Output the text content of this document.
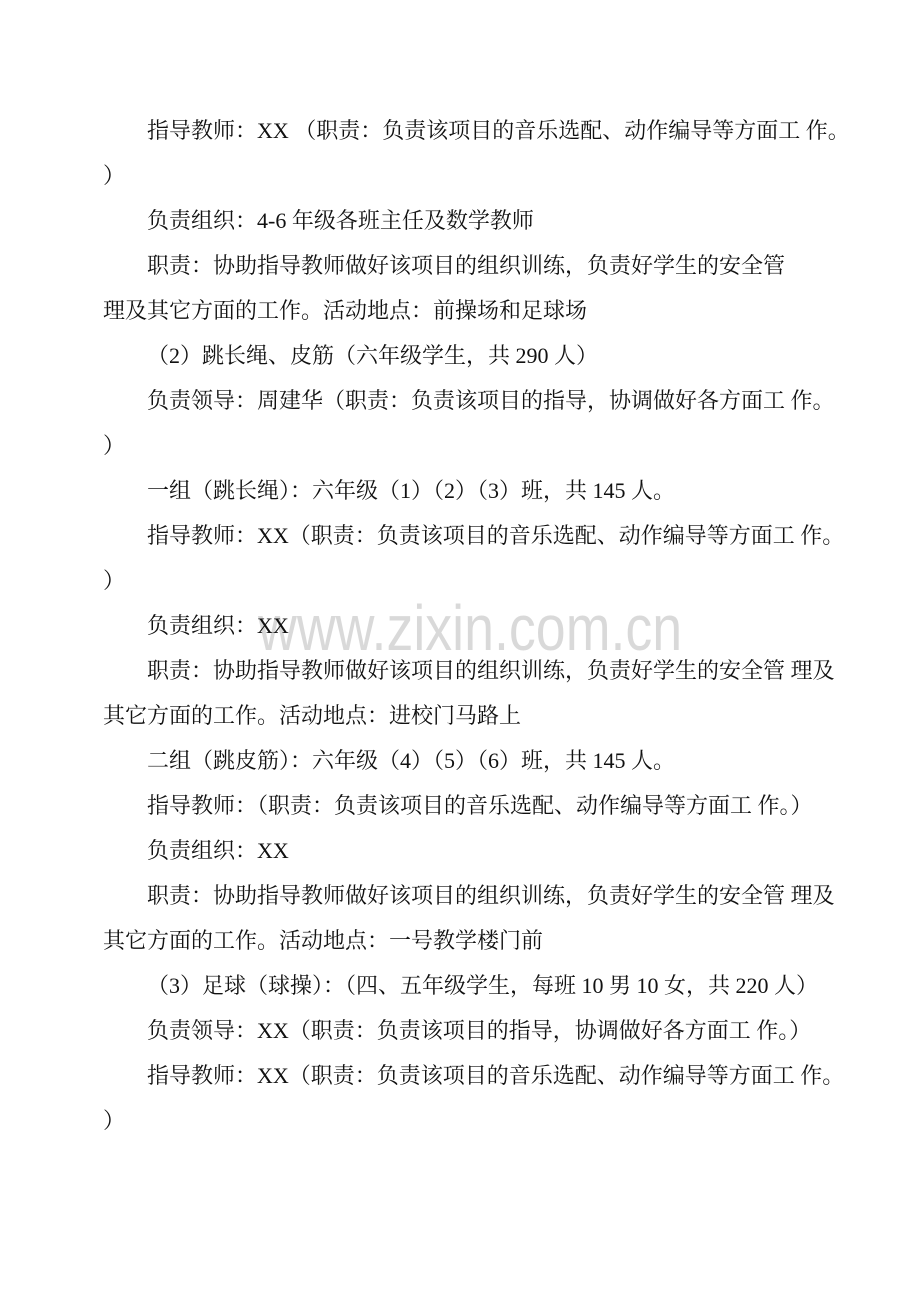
www.zixin.com.cn
指导教师：XX （职责：负责该项目的音乐选配、动作编导等方面工 作。
）
负责组织：4-6 年级各班主任及数学教师
职责：协助指导教师做好该项目的组织训练，负责好学生的安全管
理及其它方面的工作。活动地点：前操场和足球场
（2）跳长绳、皮筋（六年级学生，共 290 人）
负责领导：周建华（职责：负责该项目的指导，协调做好各方面工 作。
）
一组（跳长绳）：六年级（1）（2）（3）班，共 145 人。
指导教师：XX（职责：负责该项目的音乐选配、动作编导等方面工 作。
）
负责组织：XX
职责：协助指导教师做好该项目的组织训练，负责好学生的安全管 理及
其它方面的工作。活动地点：进校门马路上
二组（跳皮筋）：六年级（4）（5）（6）班，共 145 人。
指导教师：（职责：负责该项目的音乐选配、动作编导等方面工 作。）
负责组织：XX
职责：协助指导教师做好该项目的组织训练，负责好学生的安全管 理及
其它方面的工作。活动地点：一号教学楼门前
（3）足球（球操）：（四、五年级学生，每班 10 男 10 女，共 220 人）
负责领导：XX（职责：负责该项目的指导，协调做好各方面工 作。）
指导教师：XX（职责：负责该项目的音乐选配、动作编导等方面工 作。
）
